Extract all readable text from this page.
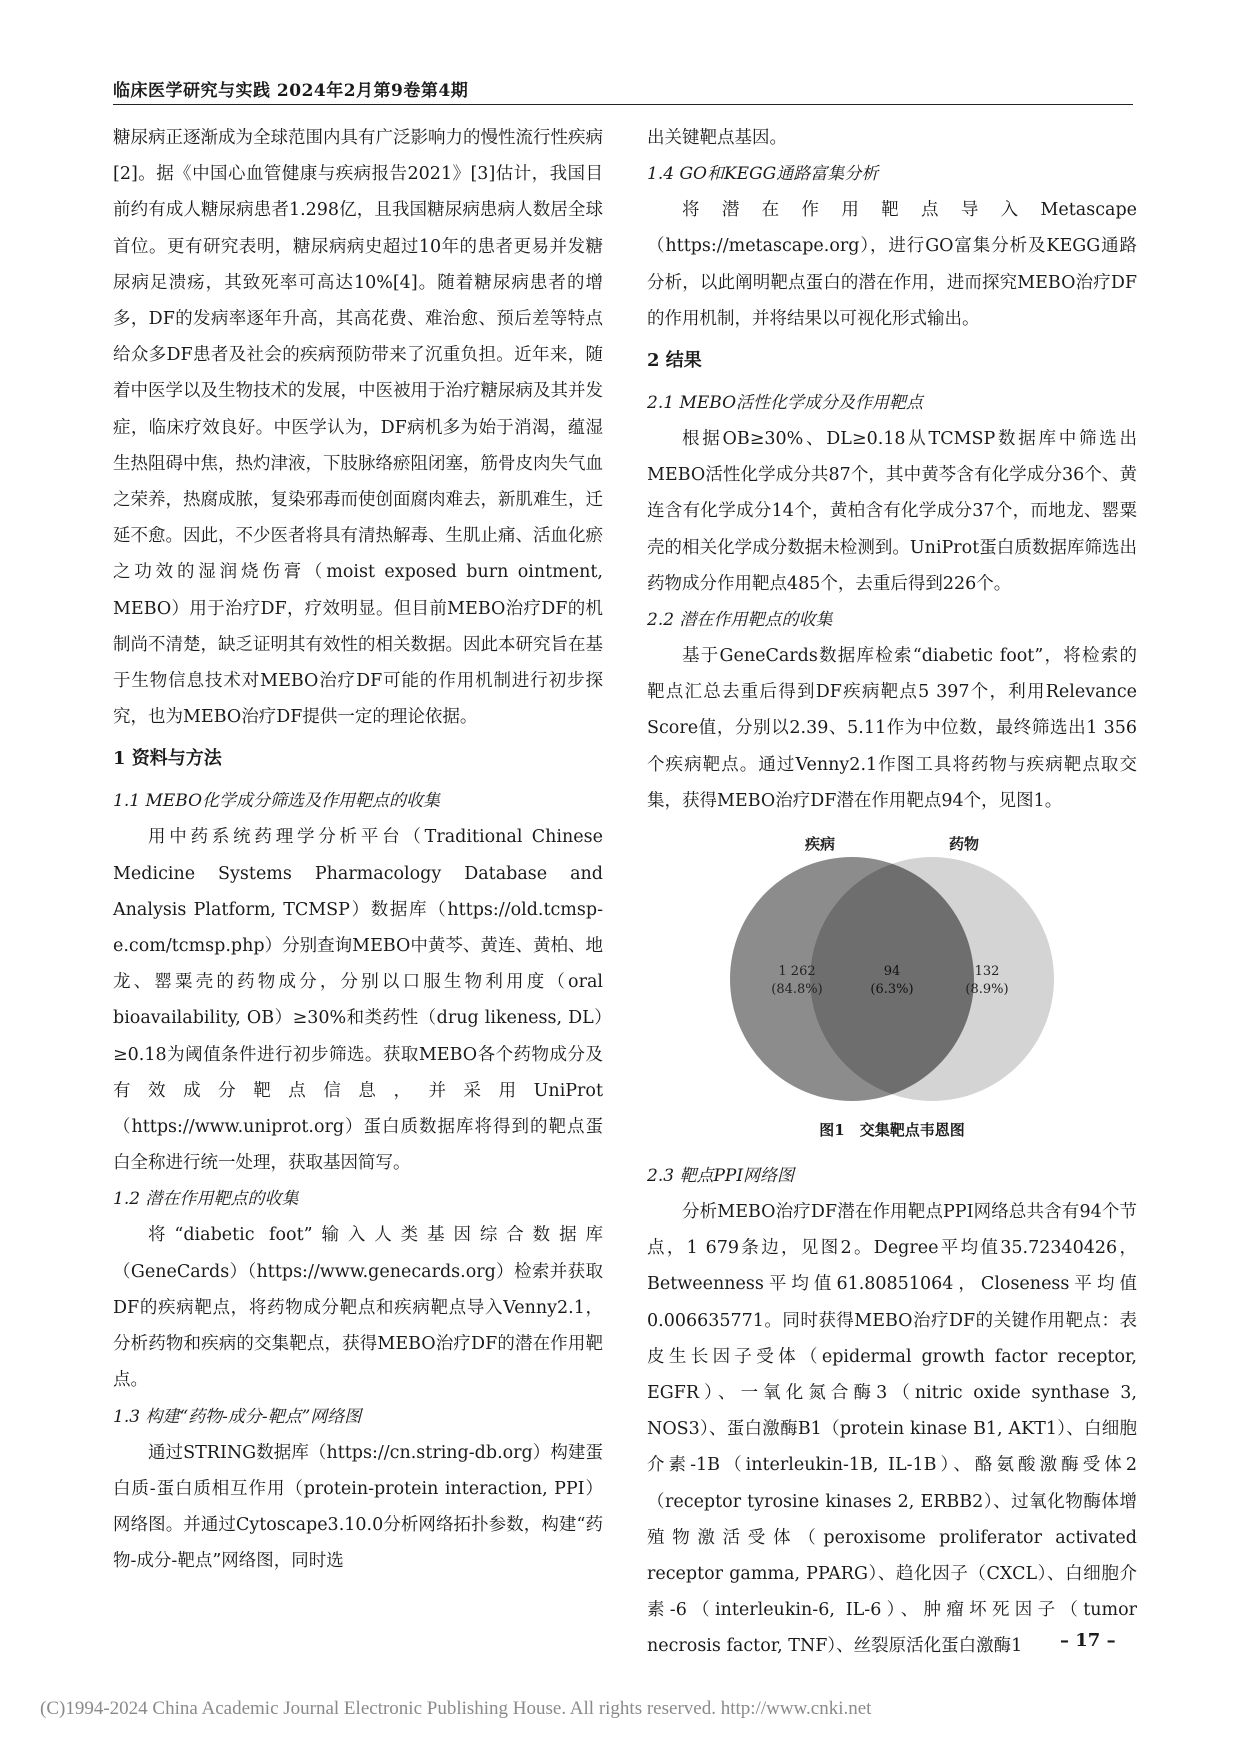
临床医学研究与实践 2024年2月第9卷第4期

糖尿病正逐渐成为全球范围内具有广泛影响力的慢性流行性疾病[2]。据《中国心血管健康与疾病报告2021》[3]估计，我国目前约有成人糖尿病患者1.298亿，且我国糖尿病患病人数居全球首位。更有研究表明，糖尿病病史超过10年的患者更易并发糖尿病足溃疡，其致死率可高达10%[4]。随着糖尿病患者的增多，DF的发病率逐年升高，其高花费、难治愈、预后差等特点给众多DF患者及社会的疾病预防带来了沉重负担。近年来，随着中医学以及生物技术的发展，中医被用于治疗糖尿病及其并发症，临床疗效良好。中医学认为，DF病机多为始于消渴，蕴湿生热阻碍中焦，热灼津液，下肢脉络瘀阻闭塞，筋骨皮肉失气血之荣养，热腐成脓，复染邪毒而使创面腐肉难去，新肌难生，迁延不愈。因此，不少医者将具有清热解毒、生肌止痛、活血化瘀之功效的湿润烧伤膏（moist exposed burn ointment, MEBO）用于治疗DF，疗效明显。但目前MEBO治疗DF的机制尚不清楚，缺乏证明其有效性的相关数据。因此本研究旨在基于生物信息技术对MEBO治疗DF可能的作用机制进行初步探究，也为MEBO治疗DF提供一定的理论依据。

1 资料与方法
1.1 MEBO化学成分筛选及作用靶点的收集

用中药系统药理学分析平台（Traditional Chinese Medicine Systems Pharmacology Database and Analysis Platform, TCMSP）数据库（https://old.tcmsp-e.com/tcmsp.php）分别查询MEBO中黄芩、黄连、黄柏、地龙、罂粟壳的药物成分，分别以口服生物利用度（oral bioavailability, OB）≥30%和类药性（drug likeness, DL）≥0.18为阈值条件进行初步筛选。获取MEBO各个药物成分及有效成分靶点信息，并采用UniProt（https://www.uniprot.org）蛋白质数据库将得到的靶点蛋白全称进行统一处理，获取基因简写。

1.2 潜在作用靶点的收集

将“diabetic foot”输入人类基因综合数据库（GeneCards）（https://www.genecards.org）检索并获取DF的疾病靶点，将药物成分靶点和疾病靶点导入Venny2.1，分析药物和疾病的交集靶点，获得MEBO治疗DF的潜在作用靶点。

1.3 构建“药物-成分-靶点”网络图

通过STRING数据库（https://cn.string-db.org）构建蛋白质-蛋白质相互作用（protein-protein interaction, PPI）网络图。并通过Cytoscape3.10.0分析网络拓扑参数，构建“药物-成分-靶点”网络图，同时选

出关键靶点基因。

1.4 GO和KEGG通路富集分析

将潜在作用靶点导入Metascape（https://metascape.org），进行GO富集分析及KEGG通路分析，以此阐明靶点蛋白的潜在作用，进而探究MEBO治疗DF的作用机制，并将结果以可视化形式输出。

2 结果
2.1 MEBO活性化学成分及作用靶点

根据OB≥30%、DL≥0.18从TCMSP数据库中筛选出MEBO活性化学成分共87个，其中黄芩含有化学成分36个、黄连含有化学成分14个，黄柏含有化学成分37个，而地龙、罂粟壳的相关化学成分数据未检测到。UniProt蛋白质数据库筛选出药物成分作用靶点485个，去重后得到226个。

2.2 潜在作用靶点的收集

基于GeneCards数据库检索“diabetic foot”，将检索的靶点汇总去重后得到DF疾病靶点5 397个，利用Relevance Score值，分别以2.39、5.11作为中位数，最终筛选出1 356个疾病靶点。通过Venny2.1作图工具将药物与疾病靶点取交集，获得MEBO治疗DF潜在作用靶点94个，见图1。

疾病	药物
1 262
(84.8%)
94
(6.3%)
132
(8.9%)
图1　交集靶点韦恩图
2.3 靶点PPI网络图

分析MEBO治疗DF潜在作用靶点PPI网络总共含有94个节点，1 679条边，见图2。Degree平均值35.72340426，Betweenness平均值61.80851064，Closeness平均值0.006635771。同时获得MEBO治疗DF的关键作用靶点：表皮生长因子受体（epidermal growth factor receptor, EGFR）、一氧化氮合酶3（nitric oxide synthase 3, NOS3）、蛋白激酶B1（protein kinase B1, AKT1）、白细胞介素-1B（interleukin-1B, IL-1B）、酪氨酸激酶受体2（receptor tyrosine kinases 2, ERBB2）、过氧化物酶体增殖物激活受体（peroxisome proliferator activated receptor gamma, PPARG）、趋化因子（CXCL）、白细胞介素-6（interleukin-6, IL-6）、肿瘤坏死因子（tumor necrosis factor, TNF）、丝裂原活化蛋白激酶1	– 17 –
(C)1994-2024 China Academic Journal Electronic Publishing House. All rights reserved. http://www.cnki.net
